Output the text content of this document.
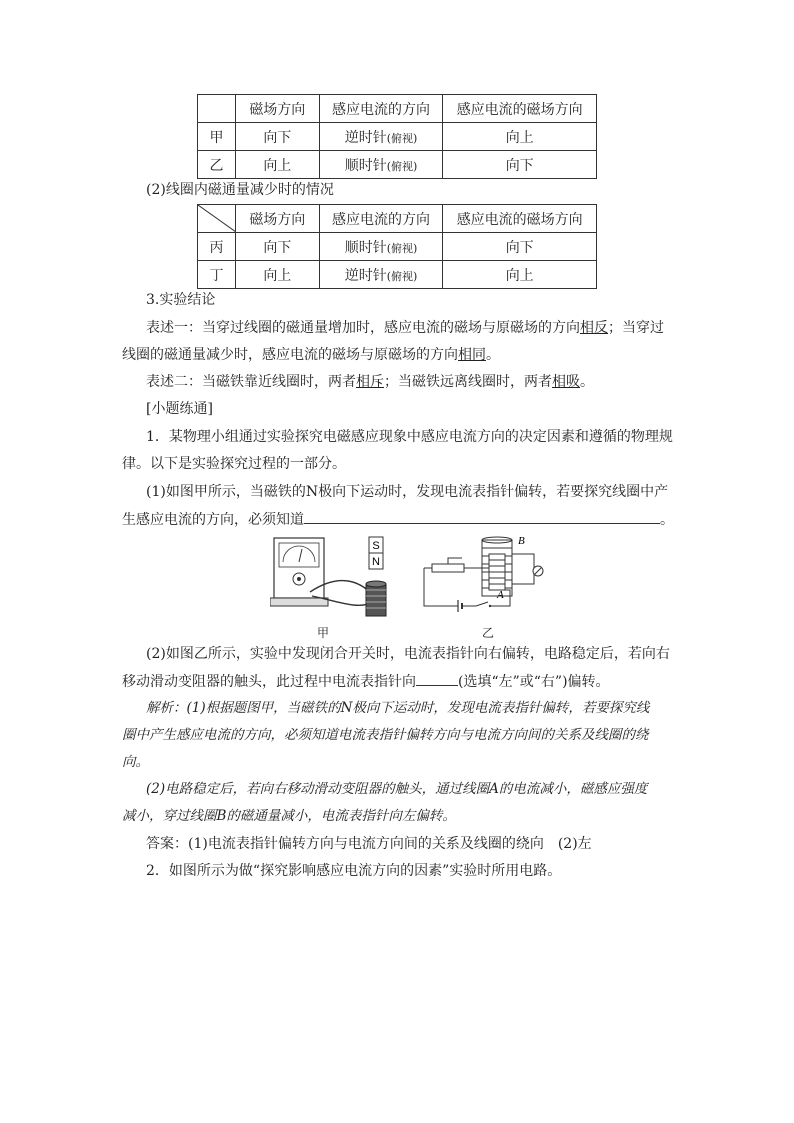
	磁场方向	感应电流的方向	感应电流的磁场方向
甲	向下	逆时针(俯视)	向上
乙	向上	顺时针(俯视)	向下
(2)线圈内磁通量减少时的情况
	磁场方向	感应电流的方向	感应电流的磁场方向
丙	向下	顺时针(俯视)	向下
丁	向上	逆时针(俯视)	向上
3.实验结论
表述一：当穿过线圈的磁通量增加时，感应电流的磁场与原磁场的方向相反；当穿过
线圈的磁通量减少时，感应电流的磁场与原磁场的方向相同。
表述二：当磁铁靠近线圈时，两者相斥；当磁铁远离线圈时，两者相吸。
[小题练通]
1．某物理小组通过实验探究电磁感应现象中感应电流方向的决定因素和遵循的物理规
律。以下是实验探究过程的一部分。
(1)如图甲所示，当磁铁的N极向下运动时，发现电流表指针偏转，若要探究线圈中产
生感应电流的方向，必须知道	。
S
N
甲
B
A
乙
(2)如图乙所示，实验中发现闭合开关时，电流表指针向右偏转，电路稳定后，若向右
移动滑动变阻器的触头，此过程中电流表指针向	(选填“左”或“右”)偏转。
解析：(1)根据题图甲，当磁铁的N极向下运动时，发现电流表指针偏转，若要探究线
圈中产生感应电流的方向，必须知道电流表指针偏转方向与电流方向间的关系及线圈的绕
向。
(2)电路稳定后，若向右移动滑动变阻器的触头，通过线圈A的电流减小，磁感应强度
减小，穿过线圈B的磁通量减小，电流表指针向左偏转。
答案：(1)电流表指针偏转方向与电流方向间的关系及线圈的绕向　(2)左
2．如图所示为做“探究影响感应电流方向的因素”实验时所用电路。
